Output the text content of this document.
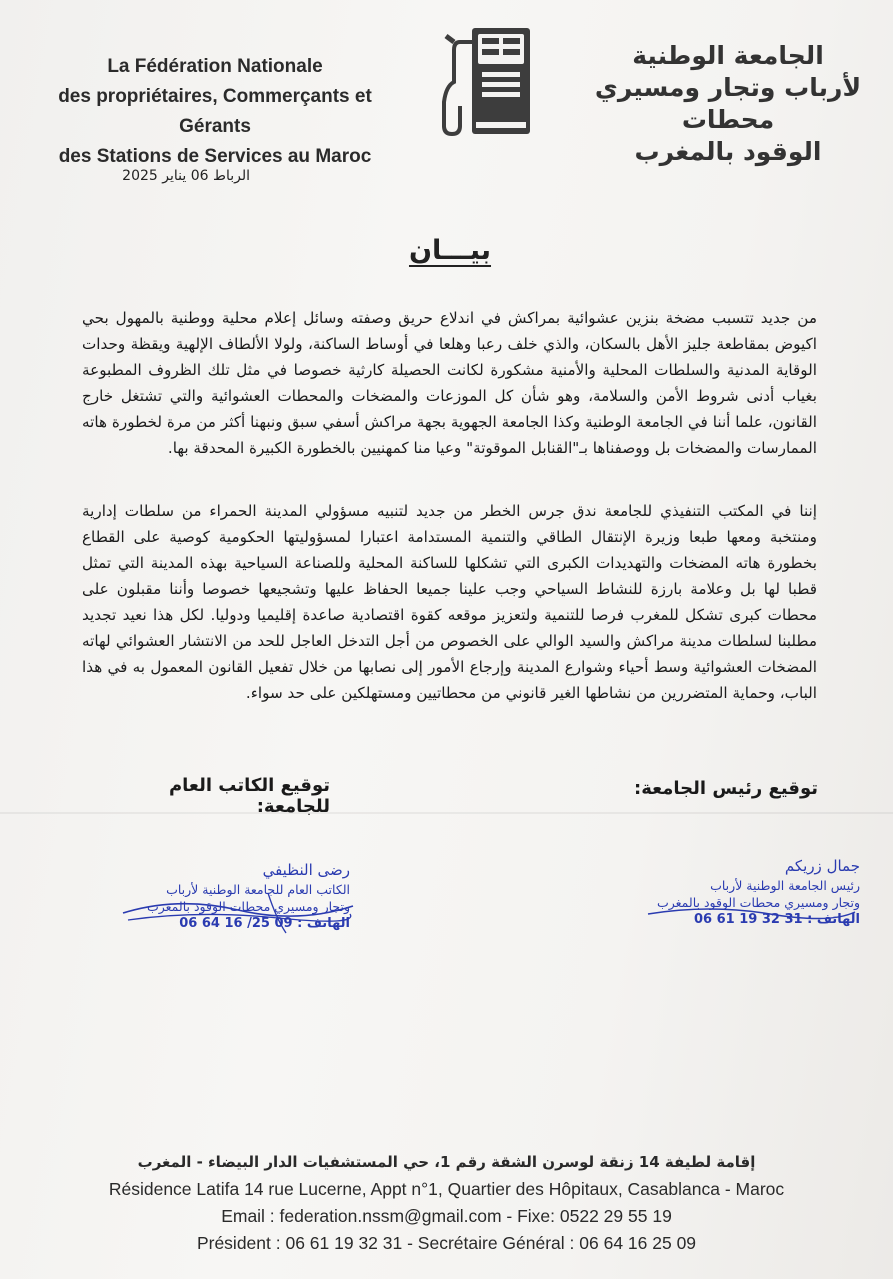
La Fédération Nationale
des propriétaires, Commerçants et Gérants
des Stations de Services au Maroc
الجامعة الوطنية
لأرباب وتجار ومسيري محطات
الوقود بالمغرب
الرباط 06 يناير 2025
بيـــان
من جديد تتسبب مضخة بنزين عشوائية بمراكش في اندلاع حريق وصفته وسائل إعلام محلية ووطنية بالمهول بحي اكيوض بمقاطعة جليز الأهل بالسكان، والذي خلف رعبا وهلعا في أوساط الساكنة، ولولا الألطاف الإلهية ويقظة وحدات الوقاية المدنية والسلطات المحلية والأمنية مشكورة لكانت الحصيلة كارثية خصوصا في مثل تلك الظروف المطبوعة بغياب أدنى شروط الأمن والسلامة، وهو شأن كل الموزعات والمضخات والمحطات العشوائية والتي تشتغل خارج القانون، علما أننا في الجامعة الوطنية وكذا الجامعة الجهوية بجهة مراكش أسفي سبق ونبهنا أكثر من مرة لخطورة هاته الممارسات والمضخات بل ووصفناها بـ"القنابل الموقوتة" وعيا منا كمهنيين بالخطورة الكبيرة المحدقة بها.
إننا في المكتب التنفيذي للجامعة ندق جرس الخطر من جديد لتنبيه مسؤولي المدينة الحمراء من سلطات إدارية ومنتخبة ومعها طبعا وزيرة الإنتقال الطاقي والتنمية المستدامة اعتبارا لمسؤوليتها الحكومية كوصية على القطاع بخطورة هاته المضخات والتهديدات الكبرى التي تشكلها للساكنة المحلية وللصناعة السياحية بهذه المدينة التي تمثل قطبا لها بل وعلامة بارزة للنشاط السياحي وجب علينا جميعا الحفاظ عليها وتشجيعها خصوصا وأننا مقبلون على محطات كبرى تشكل للمغرب فرصا للتنمية ولتعزيز موقعه كقوة اقتصادية صاعدة إقليميا ودوليا. لكل هذا نعيد تجديد مطلبنا لسلطات مدينة مراكش والسيد الوالي على الخصوص من أجل التدخل العاجل للحد من الانتشار العشوائي لهاته المضخات العشوائية وسط أحياء وشوارع المدينة وإرجاع الأمور إلى نصابها من خلال تفعيل القانون المعمول به في هذا الباب، وحماية المتضررين من نشاطها الغير قانوني من محطاتيين ومستهلكين على حد سواء.
توقيع الكاتب العام للجامعة:
توقيع رئيس الجامعة:
رضى النظيفي
الكاتب العام للجامعة الوطنية لأرباب
وتجار ومسيري محطات الوقود بالمغرب
الهاتف : 09 25/ 16 64 06
جمال زريكم
رئيس الجامعة الوطنية لأرباب
وتجار ومسيري محطات الوقود بالمغرب
الهاتف : 31 32 19 61 06
إقامة لطيفة 14 زنقة لوسرن الشقة رقم 1، حي المستشفيات الدار البيضاء - المغرب
Résidence Latifa 14 rue Lucerne, Appt n°1, Quartier des Hôpitaux, Casablanca - Maroc
Email : federation.nssm@gmail.com - Fixe: 0522 29 55 19
Président : 06 61 19 32 31 - Secrétaire Général : 06 64 16 25 09
